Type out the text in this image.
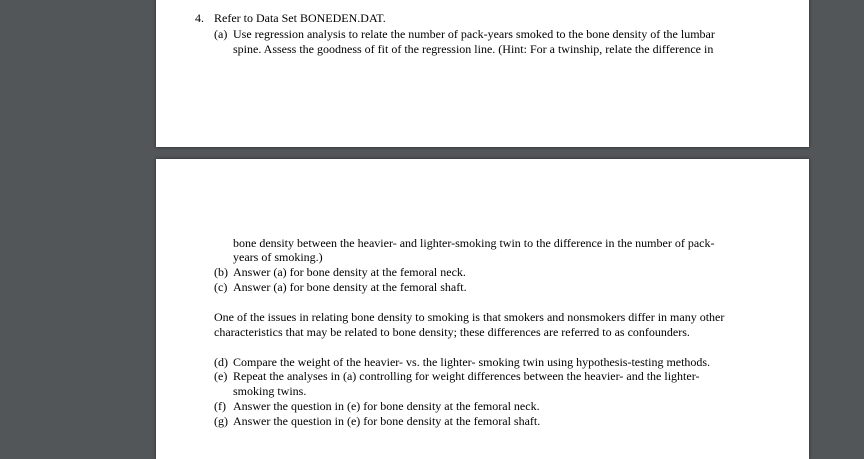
4. Refer to Data Set BONEDEN.DAT.

(a) Use regression analysis to relate the number of pack-years smoked to the bone density of the lumbar

spine. Assess the goodness of fit of the regression line. (Hint: For a twinship, relate the difference in

bone density between the heavier- and lighter-smoking twin to the difference in the number of pack-

years of smoking.)

(b) Answer (a) for bone density at the femoral neck.

(c) Answer (a) for bone density at the femoral shaft.

One of the issues in relating bone density to smoking is that smokers and nonsmokers differ in many other

characteristics that may be related to bone density; these differences are referred to as confounders.

(d) Compare the weight of the heavier- vs. the lighter- smoking twin using hypothesis-testing methods.

(e) Repeat the analyses in (a) controlling for weight differences between the heavier- and the lighter-

smoking twins.

(f) Answer the question in (e) for bone density at the femoral neck.

(g) Answer the question in (e) for bone density at the femoral shaft.
